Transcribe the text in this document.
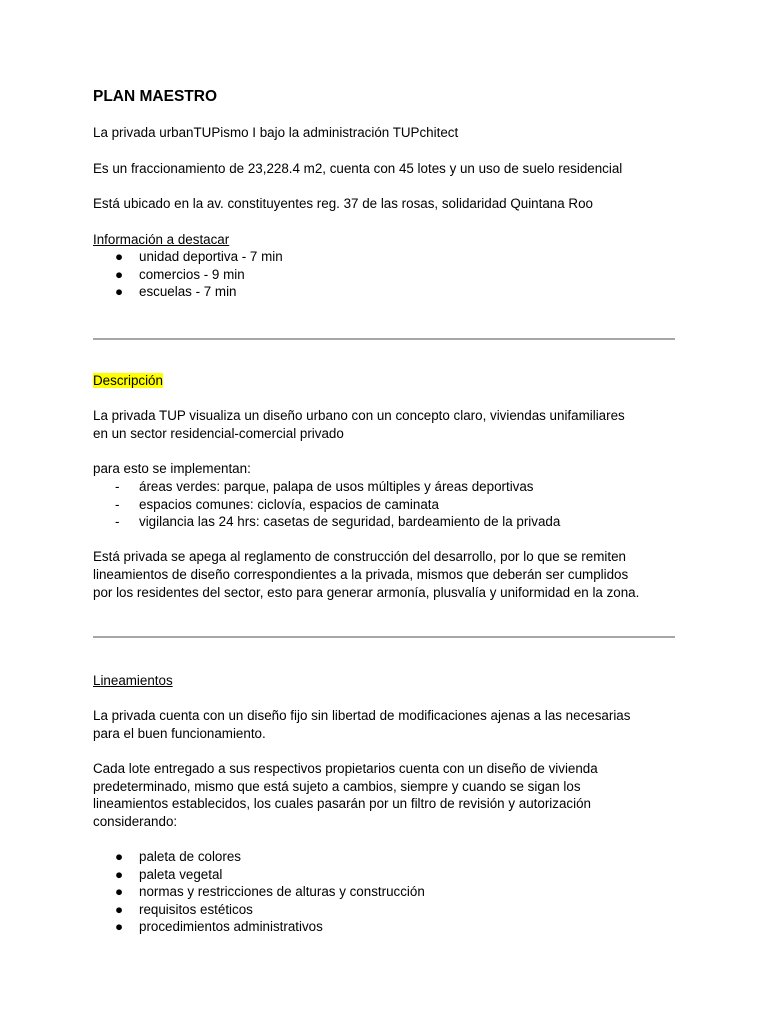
PLAN MAESTRO

La privada urbanTUPismo I bajo la administración TUPchitect

Es un fraccionamiento de 23,228.4 m2, cuenta con 45 lotes y un uso de suelo residencial

Está ubicado en la av. constituyentes reg. 37 de las rosas, solidaridad Quintana Roo

Información a destacar

● unidad deportiva - 7 min
● comercios - 9 min
● escuelas - 7 min

Descripción

La privada TUP visualiza un diseño urbano con un concepto claro, viviendas unifamiliares

en un sector residencial-comercial privado

para esto se implementan:

- áreas verdes: parque, palapa de usos múltiples y áreas deportivas
- espacios comunes: ciclovía, espacios de caminata
- vigilancia las 24 hrs: casetas de seguridad, bardeamiento de la privada

Está privada se apega al reglamento de construcción del desarrollo, por lo que se remiten

lineamientos de diseño correspondientes a la privada, mismos que deberán ser cumplidos

por los residentes del sector, esto para generar armonía, plusvalía y uniformidad en la zona.

Lineamientos

La privada cuenta con un diseño fijo sin libertad de modificaciones ajenas a las necesarias

para el buen funcionamiento.

Cada lote entregado a sus respectivos propietarios cuenta con un diseño de vivienda

predeterminado, mismo que está sujeto a cambios, siempre y cuando se sigan los

lineamientos establecidos, los cuales pasarán por un filtro de revisión y autorización

considerando:

● paleta de colores
● paleta vegetal
● normas y restricciones de alturas y construcción
● requisitos estéticos
● procedimientos administrativos
